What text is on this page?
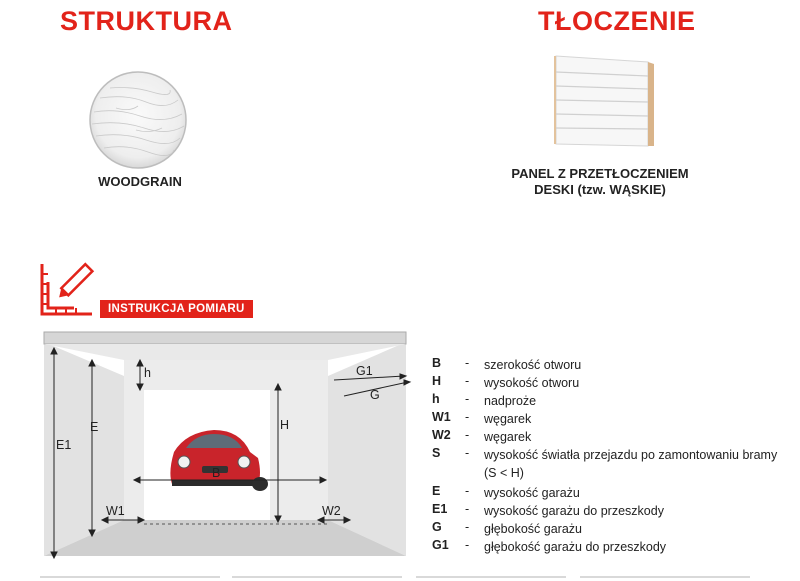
STRUKTURA	TŁOCZENIE
WOODGRAIN
PANEL Z PRZETŁOCZENIEM
DESKI (tzw. WĄSKIE)
INSTRUKCJA POMIARU
h
E
E1
H
B
W1	W2
G1
G
B - szerokość otworu
H - wysokość otworu
h - nadproże
W1 - węgarek
W2 - węgarek
S - wysokość światła przejazdu po zamontowaniu bramy (S < H)
E - wysokość garażu
E1 - wysokość garażu do przeszkody
G - głębokość garażu
G1 - głębokość garażu do przeszkody
